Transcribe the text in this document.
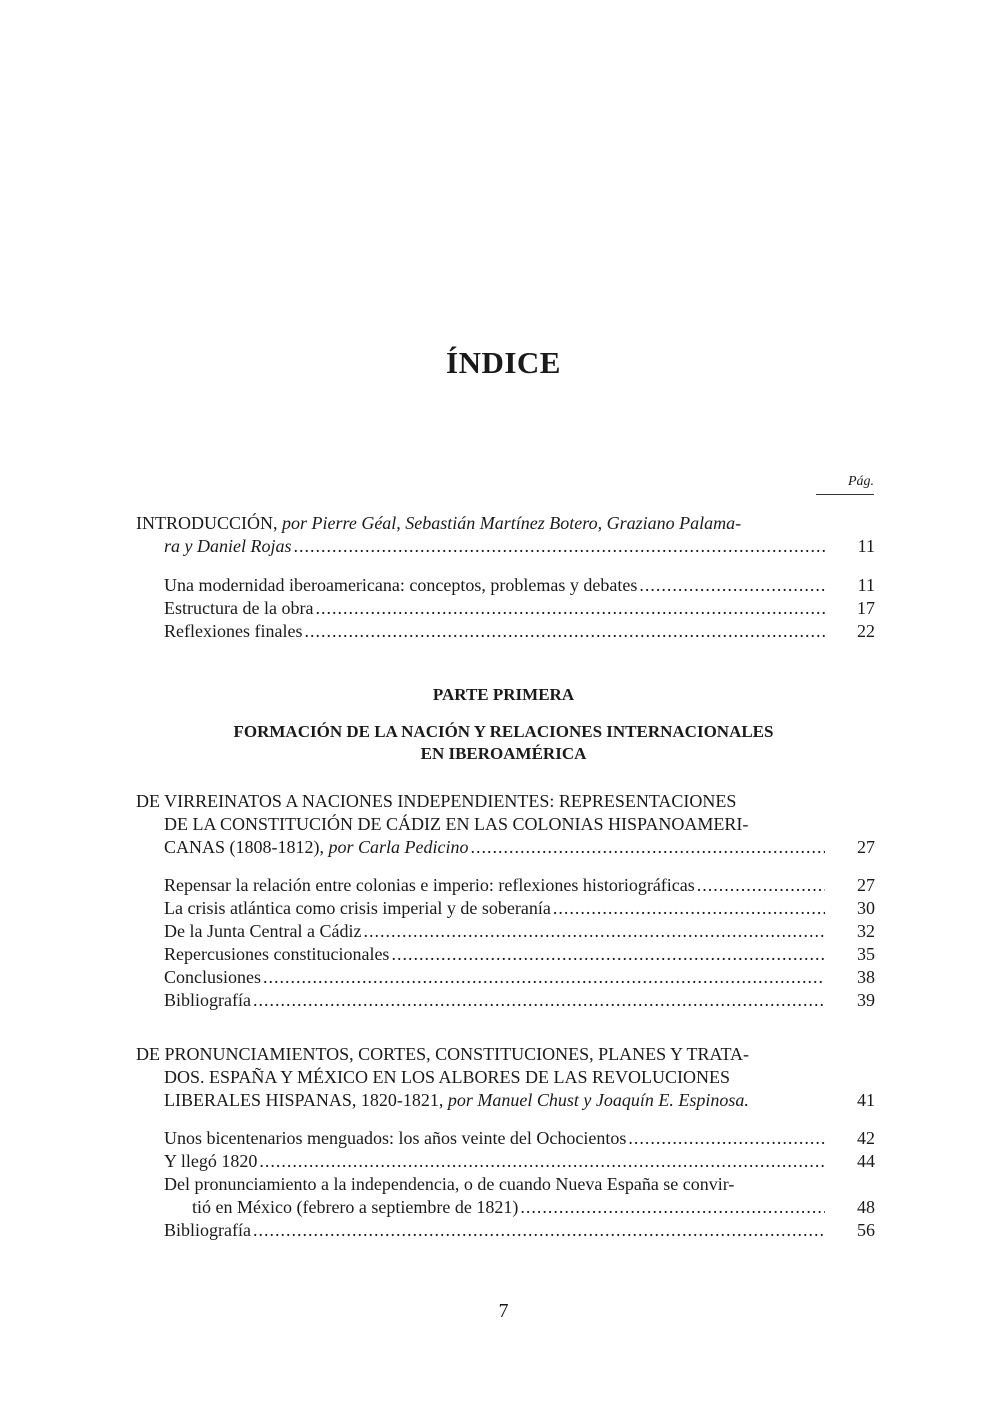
ÍNDICE
Pág.
INTRODUCCIÓN, por Pierre Géal, Sebastián Martínez Botero, Graziano Palama-
ra y Daniel Rojas .....	11
Una modernidad iberoamericana: conceptos, problemas y debates .....	11
Estructura de la obra .....	17
Reflexiones finales .....	22
PARTE PRIMERA
FORMACIÓN DE LA NACIÓN Y RELACIONES INTERNACIONALES
EN IBEROAMÉRICA
DE VIRREINATOS A NACIONES INDEPENDIENTES: REPRESENTACIONES
DE LA CONSTITUCIÓN DE CÁDIZ EN LAS COLONIAS HISPANOAMERI-
CANAS (1808-1812), por Carla Pedicino .....	27
Repensar la relación entre colonias e imperio: reflexiones historiográficas .....	27
La crisis atlántica como crisis imperial y de soberanía .....	30
De la Junta Central a Cádiz .....	32
Repercusiones constitucionales .....	35
Conclusiones .....	38
Bibliografía .....	39
DE PRONUNCIAMIENTOS, CORTES, CONSTITUCIONES, PLANES Y TRATA-
DOS. ESPAÑA Y MÉXICO EN LOS ALBORES DE LAS REVOLUCIONES
LIBERALES HISPANAS, 1820-1821, por Manuel Chust y Joaquín E. Espinosa.	41
Unos bicentenarios menguados: los años veinte del Ochocientos .....	42
Y llegó 1820 .....	44
Del pronunciamiento a la independencia, o de cuando Nueva España se convir-
tió en México (febrero a septiembre de 1821) .....	48
Bibliografía .....	56
7
